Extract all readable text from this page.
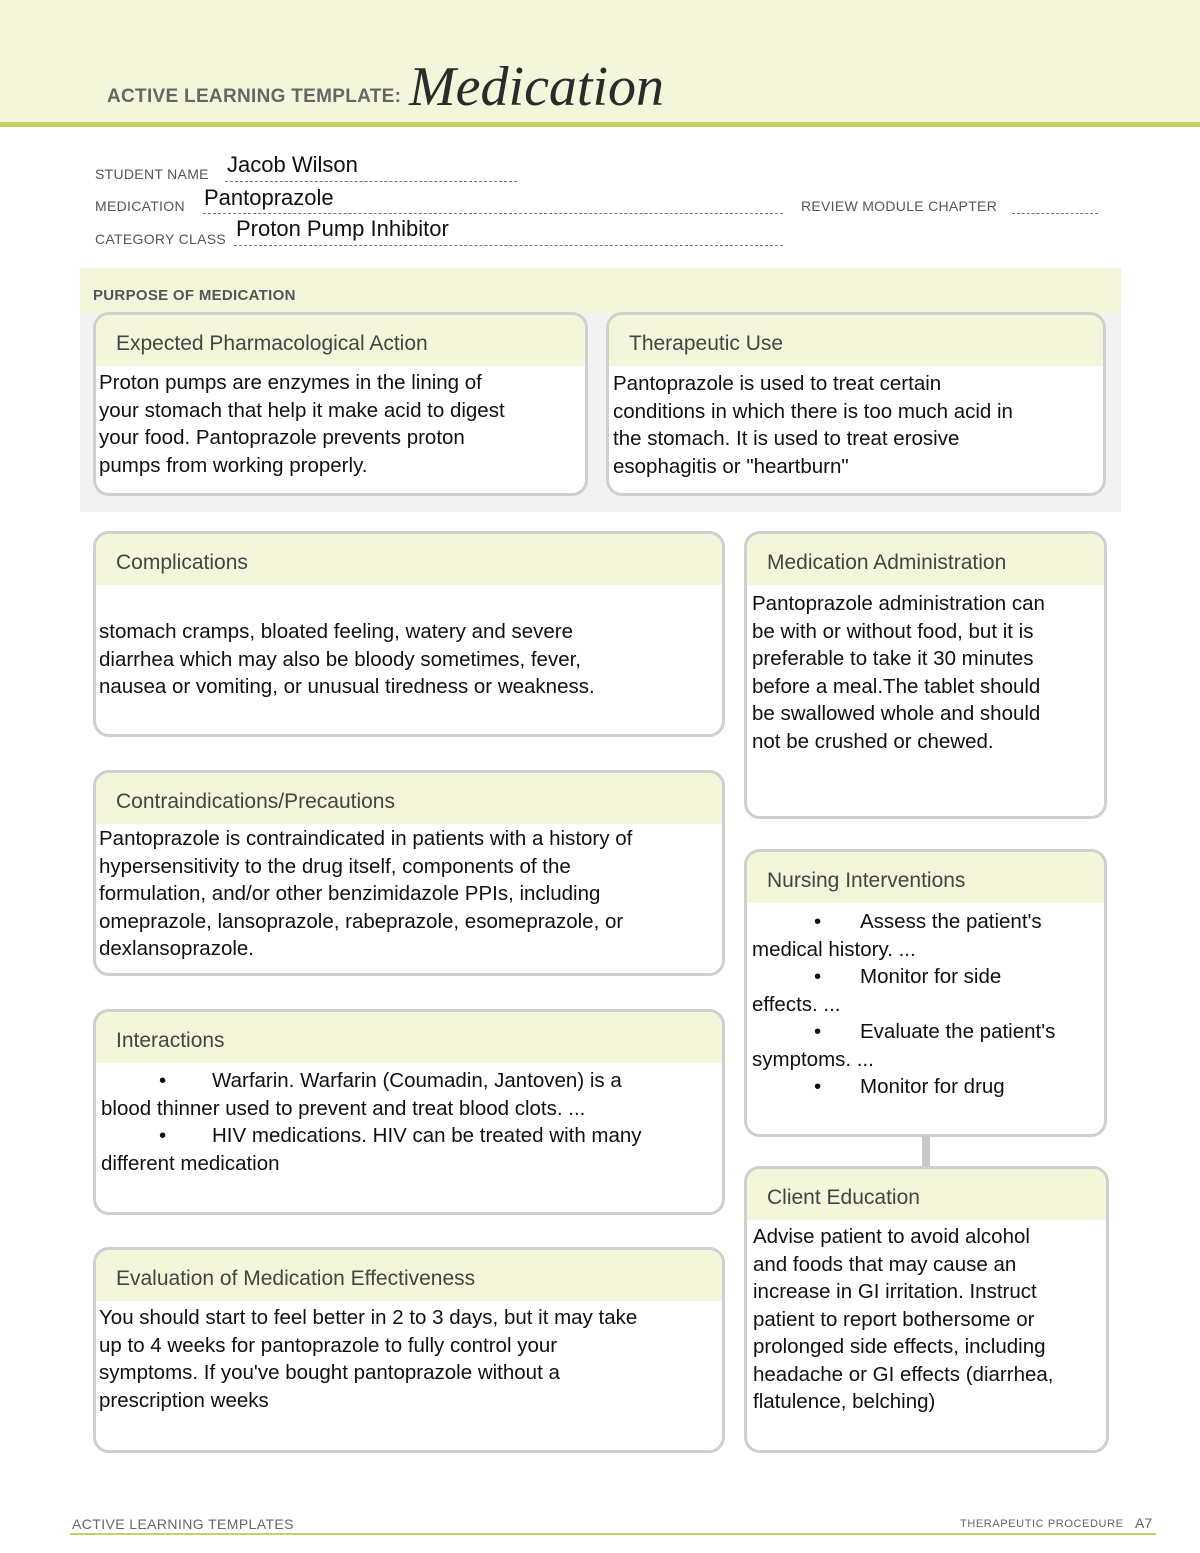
ACTIVE LEARNING TEMPLATE: Medication
STUDENT NAME Jacob Wilson
MEDICATION Pantoprazole	REVIEW MODULE CHAPTER
CATEGORY CLASS Proton Pump Inhibitor
PURPOSE OF MEDICATION
Expected Pharmacological Action
Proton pumps are enzymes in the lining of
your stomach that help it make acid to digest
your food. Pantoprazole prevents proton
pumps from working properly.
Therapeutic Use
Pantoprazole is used to treat certain
conditions in which there is too much acid in
the stomach. It is used to treat erosive
esophagitis or "heartburn"
Complications
stomach cramps, bloated feeling, watery and severe
diarrhea which may also be bloody sometimes, fever,
nausea or vomiting, or unusual tiredness or weakness.
Medication Administration
Pantoprazole administration can
be with or without food, but it is
preferable to take it 30 minutes
before a meal.The tablet should
be swallowed whole and should
not be crushed or chewed.
Contraindications/Precautions
Pantoprazole is contraindicated in patients with a history of
hypersensitivity to the drug itself, components of the
formulation, and/or other benzimidazole PPIs, including
omeprazole, lansoprazole, rabeprazole, esomeprazole, or
dexlansoprazole.
Nursing Interventions
• Assess the patient's
medical history. ...
• Monitor for side
effects. ...
• Evaluate the patient's
symptoms. ...
• Monitor for drug
Interactions
• Warfarin. Warfarin (Coumadin, Jantoven) is a
blood thinner used to prevent and treat blood clots. ...
• HIV medications. HIV can be treated with many
different medication
Client Education
Advise patient to avoid alcohol
and foods that may cause an
increase in GI irritation. Instruct
patient to report bothersome or
prolonged side effects, including
headache or GI effects (diarrhea,
flatulence, belching)
Evaluation of Medication Effectiveness
You should start to feel better in 2 to 3 days, but it may take
up to 4 weeks for pantoprazole to fully control your
symptoms. If you've bought pantoprazole without a
prescription weeks
ACTIVE LEARNING TEMPLATES	THERAPEUTIC PROCEDURE A7
